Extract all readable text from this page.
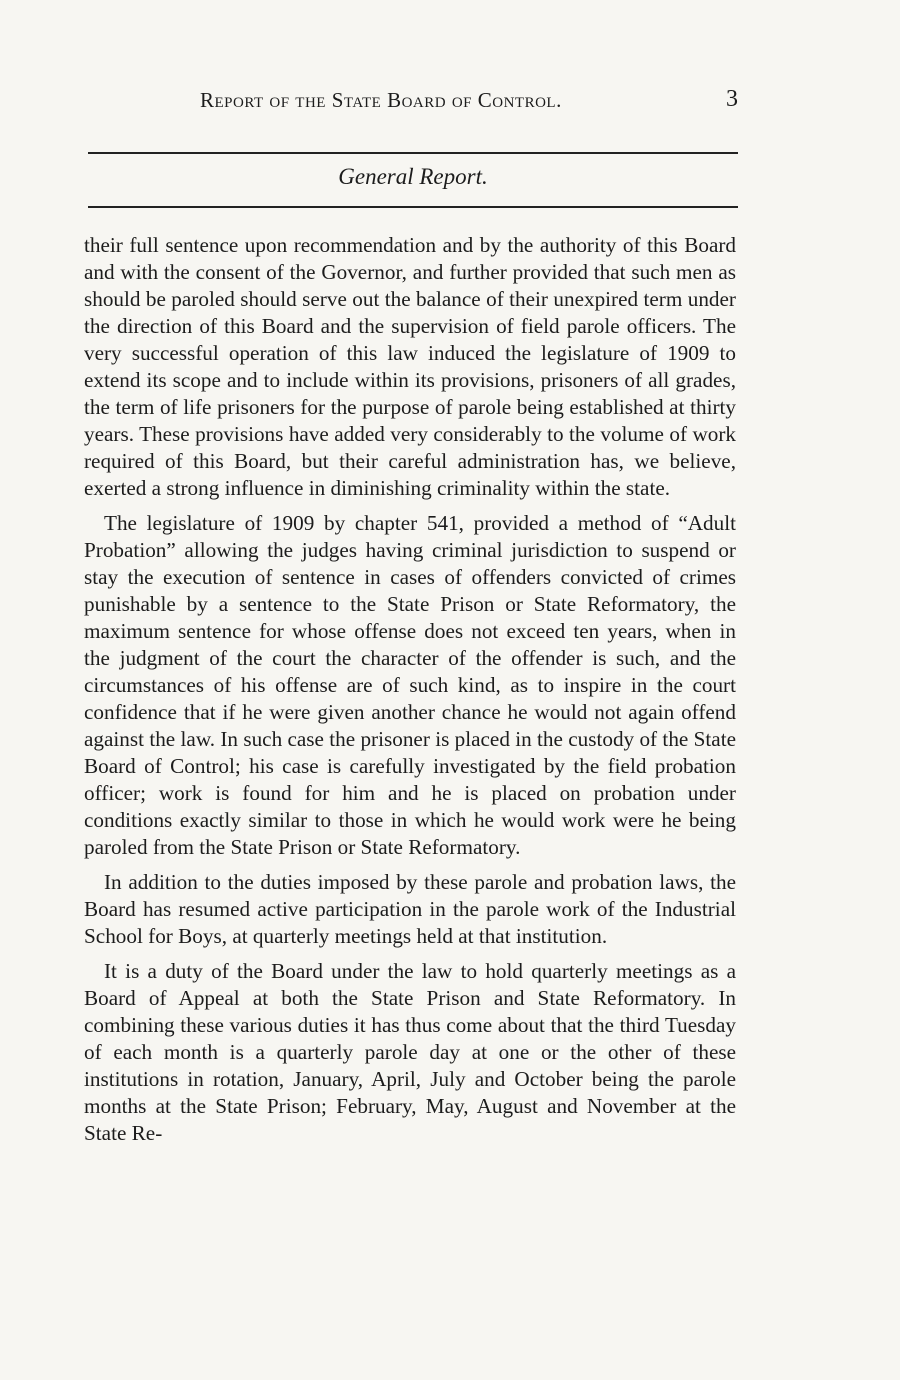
Report of the State Board of Control.	3
General Report.

their full sentence upon recommendation and by the authority of this Board and with the consent of the Governor, and further provided that such men as should be paroled should serve out the balance of their unexpired term under the direction of this Board and the supervision of field parole officers. The very successful operation of this law induced the legislature of 1909 to extend its scope and to include within its provisions, prisoners of all grades, the term of life prisoners for the purpose of parole being established at thirty years. These provisions have added very considerably to the volume of work required of this Board, but their careful administration has, we believe, exerted a strong influence in diminishing criminality within the state.

The legislature of 1909 by chapter 541, provided a method of “Adult Probation” allowing the judges having criminal jurisdiction to suspend or stay the execution of sentence in cases of offenders convicted of crimes punishable by a sentence to the State Prison or State Reformatory, the maximum sentence for whose offense does not exceed ten years, when in the judgment of the court the character of the offender is such, and the circumstances of his offense are of such kind, as to inspire in the court confidence that if he were given another chance he would not again offend against the law. In such case the prisoner is placed in the custody of the State Board of Control; his case is carefully investigated by the field probation officer; work is found for him and he is placed on probation under conditions exactly similar to those in which he would work were he being paroled from the State Prison or State Reformatory.

In addition to the duties imposed by these parole and probation laws, the Board has resumed active participation in the parole work of the Industrial School for Boys, at quarterly meetings held at that institution.

It is a duty of the Board under the law to hold quarterly meetings as a Board of Appeal at both the State Prison and State Reformatory. In combining these various duties it has thus come about that the third Tuesday of each month is a quarterly parole day at one or the other of these institutions in rotation, January, April, July and October being the parole months at the State Prison; February, May, August and November at the State Re-
